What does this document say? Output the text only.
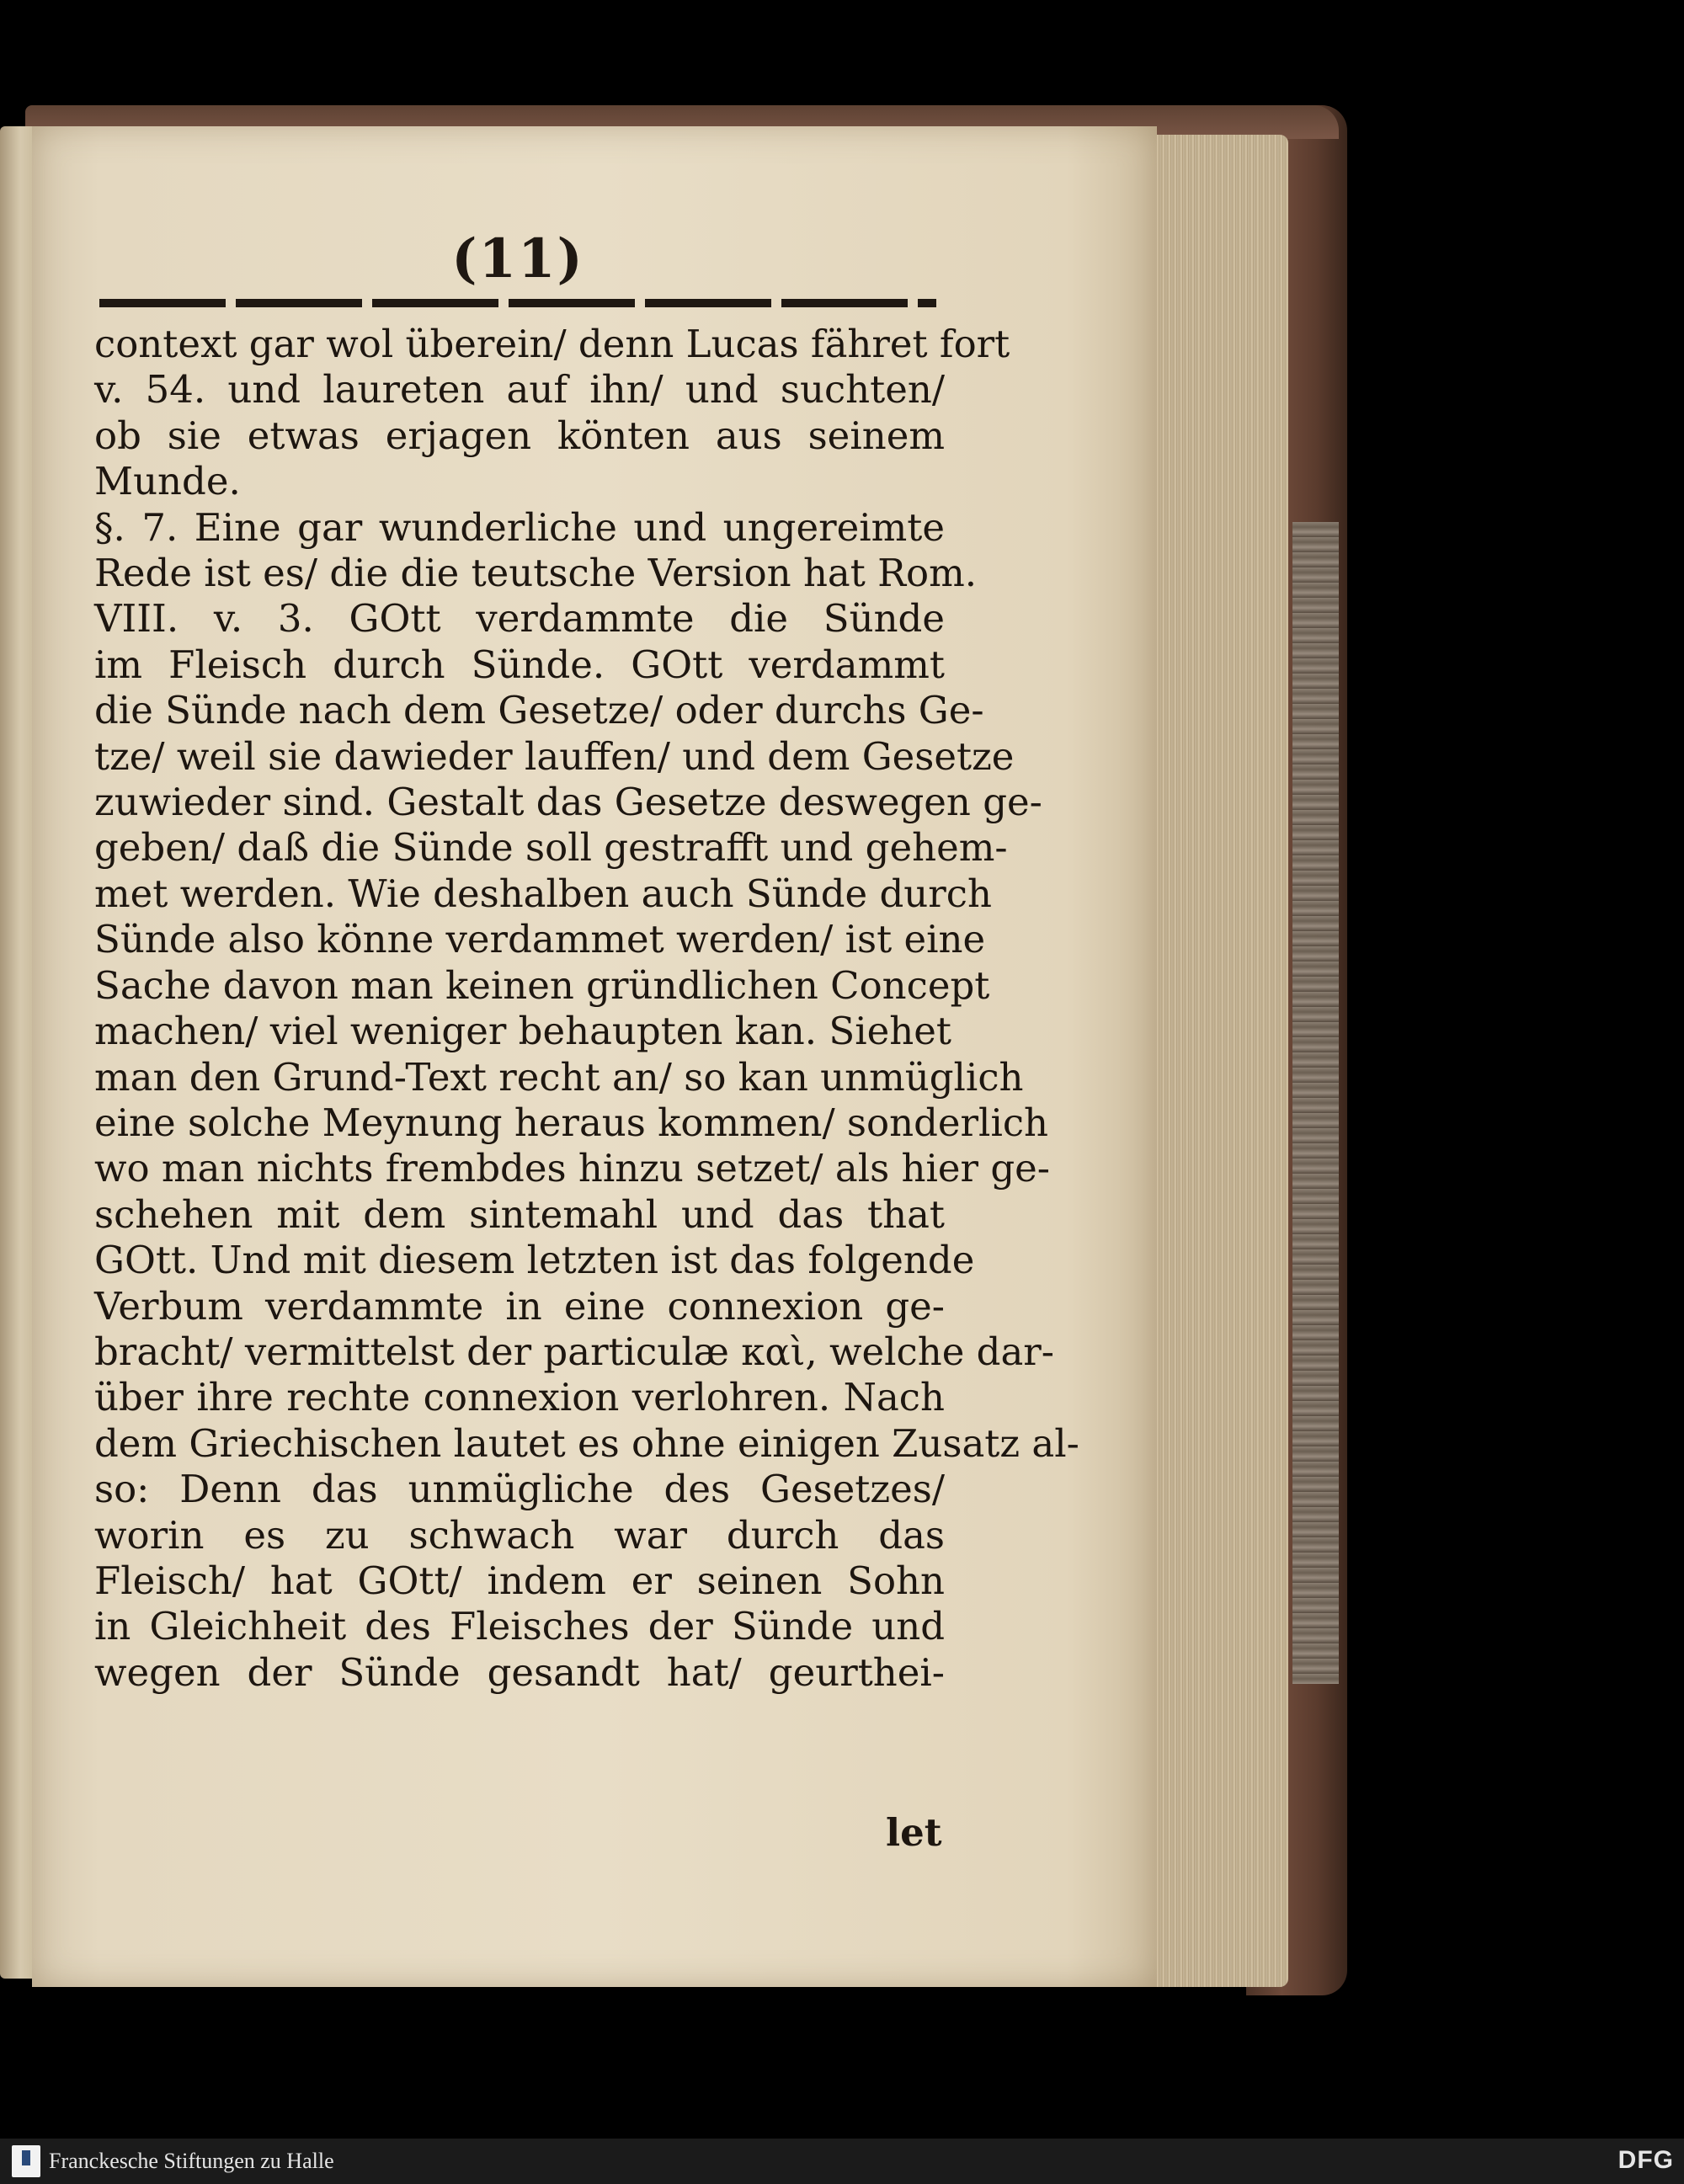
(11)
context gar wol überein/ denn Lucas fähret fort
v. 54. und laureten auf ihn/ und suchten/
ob sie etwas erjagen könten aus seinem
Munde.
§. 7. Eine gar wunderliche und ungereimte
Rede ist es/ die die teutsche Version hat Rom.
VIII. v. 3. GOtt verdammte die Sünde
im Fleisch durch Sünde. GOtt verdammt
die Sünde nach dem Gesetze/ oder durchs Ge-
tze/ weil sie dawieder lauffen/ und dem Gesetze
zuwieder sind. Gestalt das Gesetze deswegen ge-
geben/ daß die Sünde soll gestrafft und gehem-
met werden. Wie deshalben auch Sünde durch
Sünde also könne verdammet werden/ ist eine
Sache davon man keinen gründlichen Concept
machen/ viel weniger behaupten kan. Siehet
man den Grund-Text recht an/ so kan unmüglich
eine solche Meynung heraus kommen/ sonderlich
wo man nichts frembdes hinzu setzet/ als hier ge-
schehen mit dem sintemahl und das that
GOtt. Und mit diesem letzten ist das folgende
Verbum verdammte in eine connexion ge-
bracht/ vermittelst der particulæ καὶ, welche dar-
über ihre rechte connexion verlohren. Nach
dem Griechischen lautet es ohne einigen Zusatz al-
so: Denn das unmügliche des Gesetzes/
worin es zu schwach war durch das
Fleisch/ hat GOtt/ indem er seinen Sohn
in Gleichheit des Fleisches der Sünde und
wegen der Sünde gesandt hat/ geurthei-
let
Franckesche Stiftungen zu Halle	DFG
